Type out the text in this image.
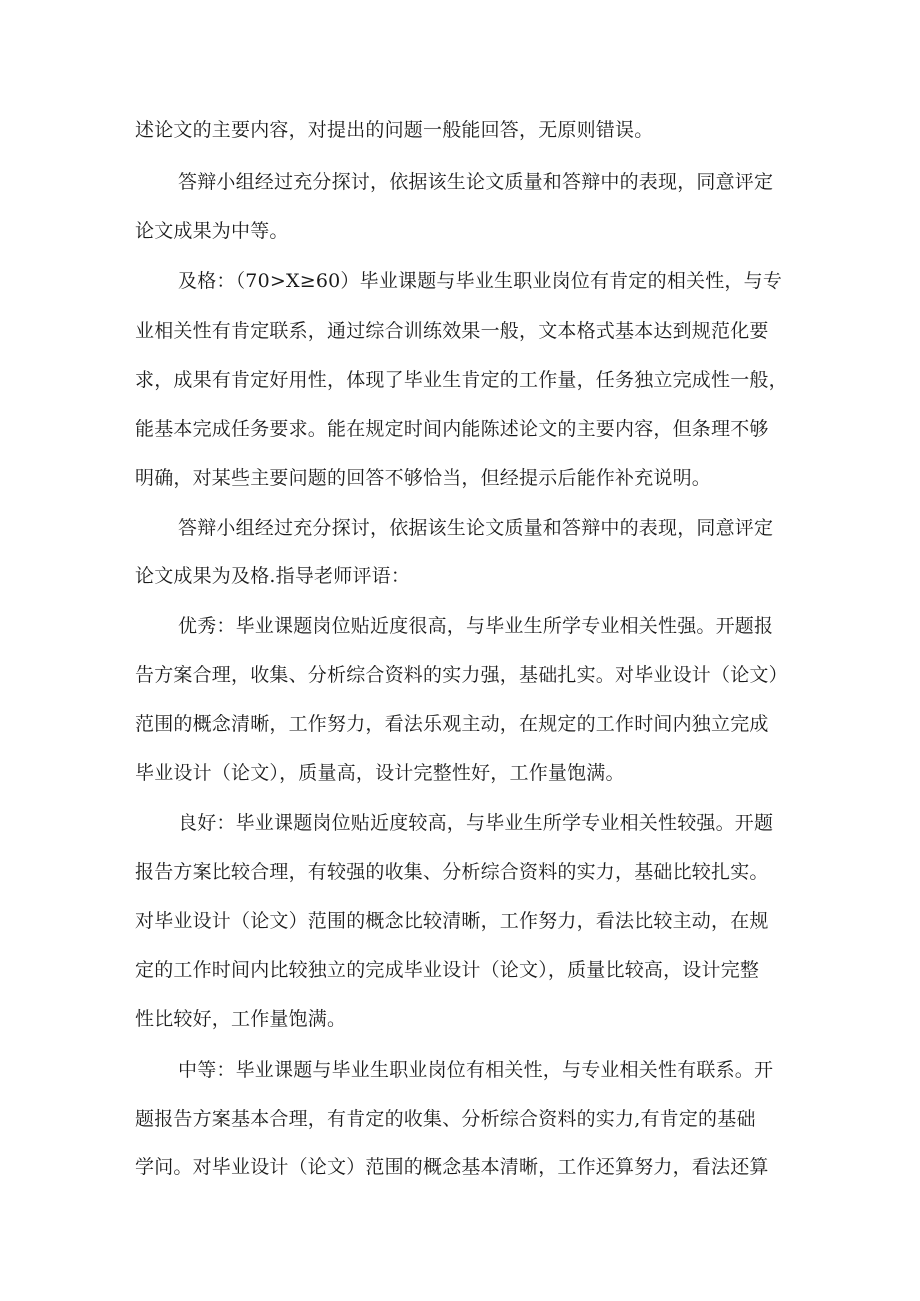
述论文的主要内容，对提出的问题一般能回答，无原则错误。
答辩小组经过充分探讨，依据该生论文质量和答辩中的表现，同意评定
论文成果为中等。
及格：（70>X≥60）毕业课题与毕业生职业岗位有肯定的相关性，与专
业相关性有肯定联系，通过综合训练效果一般，文本格式基本达到规范化要
求，成果有肯定好用性，体现了毕业生肯定的工作量，任务独立完成性一般，
能基本完成任务要求。能在规定时间内能陈述论文的主要内容，但条理不够
明确，对某些主要问题的回答不够恰当，但经提示后能作补充说明。
答辩小组经过充分探讨，依据该生论文质量和答辩中的表现，同意评定
论文成果为及格.指导老师评语：
优秀：毕业课题岗位贴近度很高，与毕业生所学专业相关性强。开题报
告方案合理，收集、分析综合资料的实力强，基础扎实。对毕业设计（论文）
范围的概念清晰，工作努力，看法乐观主动，在规定的工作时间内独立完成
毕业设计（论文），质量高，设计完整性好，工作量饱满。
良好：毕业课题岗位贴近度较高，与毕业生所学专业相关性较强。开题
报告方案比较合理，有较强的收集、分析综合资料的实力，基础比较扎实。
对毕业设计（论文）范围的概念比较清晰，工作努力，看法比较主动，在规
定的工作时间内比较独立的完成毕业设计（论文），质量比较高，设计完整
性比较好，工作量饱满。
中等：毕业课题与毕业生职业岗位有相关性，与专业相关性有联系。开
题报告方案基本合理，有肯定的收集、分析综合资料的实力,有肯定的基础
学问。对毕业设计（论文）范围的概念基本清晰，工作还算努力，看法还算
